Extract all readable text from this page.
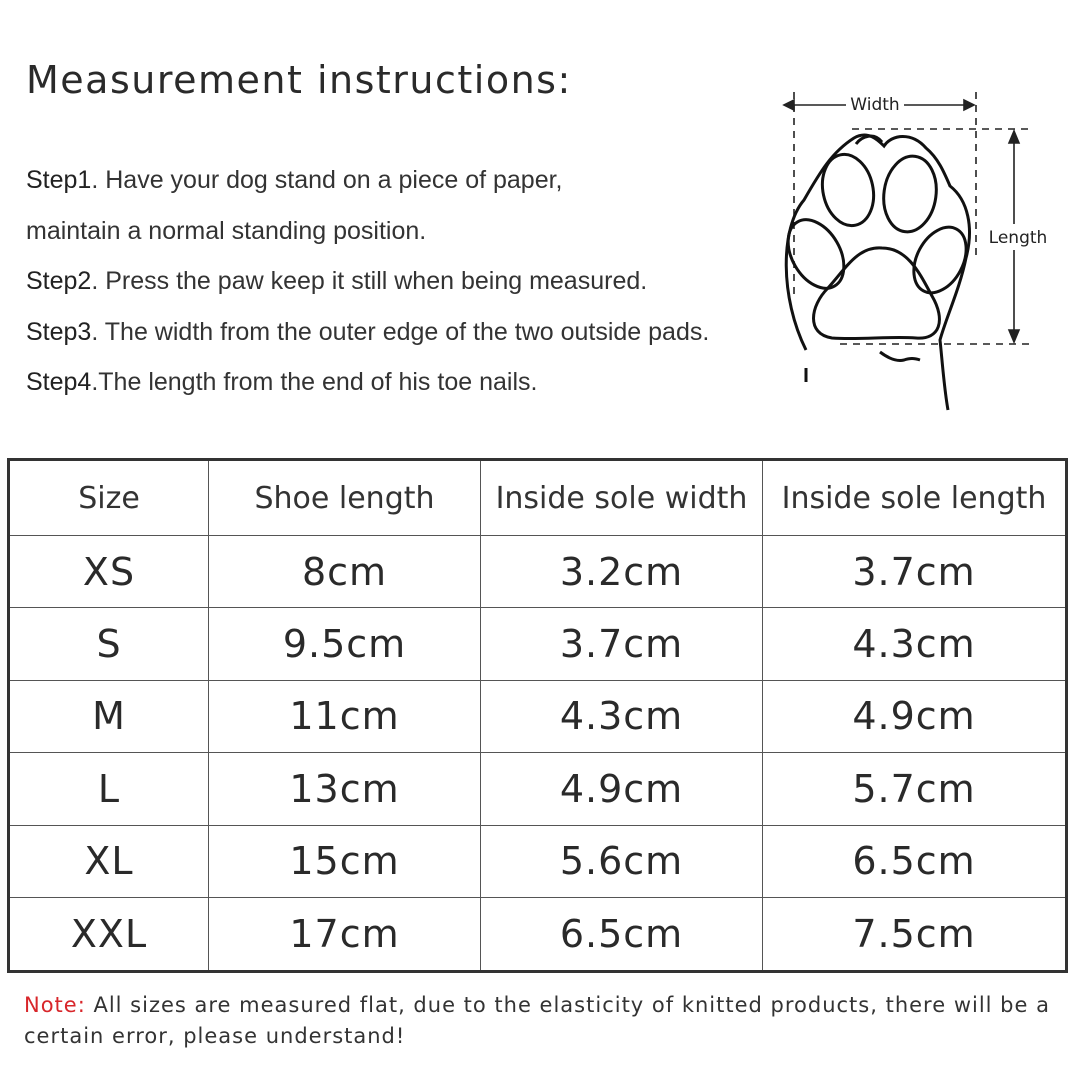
Measurement instructions:
Step1. Have your dog stand on a piece of paper,
maintain a normal standing position.
Step2. Press the paw keep it still when being measured.
Step3. The width from the outer edge of the two outside pads.
Step4.The length from the end of his toe nails.
Width
Length
Size	Shoe length	Inside sole width	Inside sole length
XS	8cm	3.2cm	3.7cm
S	9.5cm	3.7cm	4.3cm
M	11cm	4.3cm	4.9cm
L	13cm	4.9cm	5.7cm
XL	15cm	5.6cm	6.5cm
XXL	17cm	6.5cm	7.5cm
Note: All sizes are measured flat, due to the elasticity of knitted products, there will be a certain error, please understand!
